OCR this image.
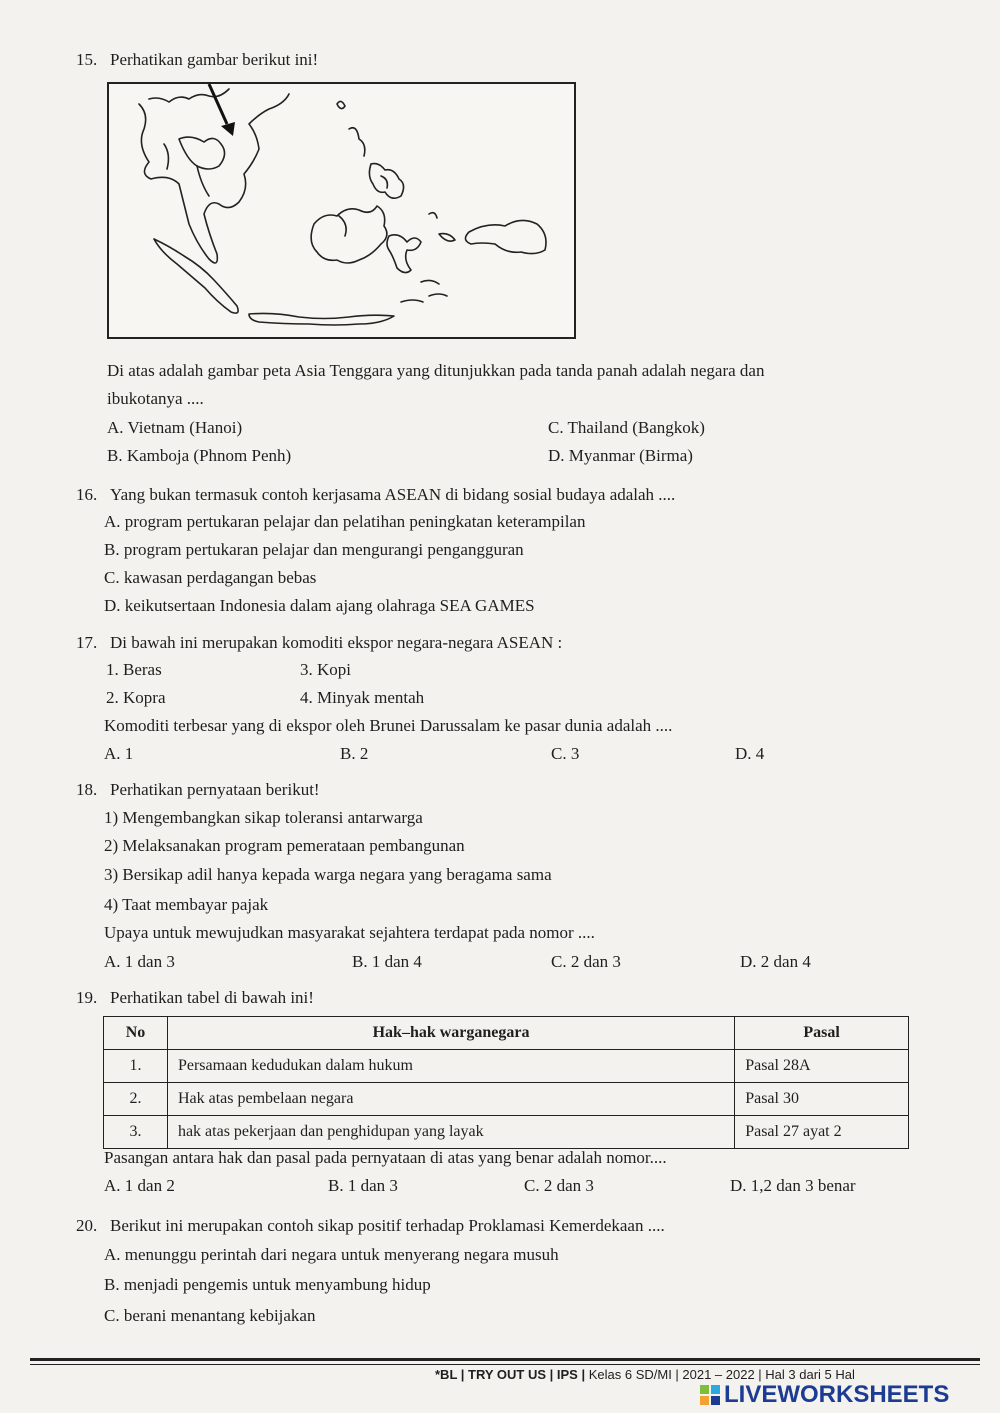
15. Perhatikan gambar berikut ini!
Di atas adalah gambar peta Asia Tenggara yang ditunjukkan pada tanda panah adalah negara dan
ibukotanya ....
A. Vietnam (Hanoi)	C. Thailand (Bangkok)
B. Kamboja (Phnom Penh)	D. Myanmar (Birma)
16. Yang bukan termasuk contoh kerjasama ASEAN di bidang sosial budaya adalah ....
A. program pertukaran pelajar dan pelatihan peningkatan keterampilan
B. program pertukaran pelajar dan mengurangi pengangguran
C. kawasan perdagangan bebas
D. keikutsertaan Indonesia dalam ajang olahraga SEA GAMES
17. Di bawah ini merupakan komoditi ekspor negara-negara ASEAN :
1. Beras	3. Kopi
2. Kopra	4. Minyak mentah
Komoditi terbesar yang di ekspor oleh Brunei Darussalam ke pasar dunia adalah ....
A. 1	B. 2	C. 3	D. 4
18. Perhatikan pernyataan berikut!
1) Mengembangkan sikap toleransi antarwarga
2) Melaksanakan program pemerataan pembangunan
3) Bersikap adil hanya kepada warga negara yang beragama sama
4) Taat membayar pajak
Upaya untuk mewujudkan masyarakat sejahtera terdapat pada nomor ....
A. 1 dan 3	B. 1 dan 4	C. 2 dan 3	D. 2 dan 4
19. Perhatikan tabel di bawah ini!
No	Hak–hak warganegara	Pasal
1.	Persamaan kedudukan dalam hukum	Pasal 28A
2.	Hak atas pembelaan negara	Pasal 30
3.	hak atas pekerjaan dan penghidupan yang layak	Pasal 27 ayat 2
Pasangan antara hak dan pasal pada pernyataan di atas yang benar adalah nomor....
A. 1 dan 2	B. 1 dan 3	C. 2 dan 3	D. 1,2 dan 3 benar
20. Berikut ini merupakan contoh sikap positif terhadap Proklamasi Kemerdekaan ....
A. menunggu perintah dari negara untuk menyerang negara musuh
B. menjadi pengemis untuk menyambung hidup
C. berani menantang kebijakan
*BL | TRY OUT US | IPS | Kelas 6 SD/MI | 2021 – 2022 | Hal 3 dari 5 Hal
LIVEWORKSHEETS
